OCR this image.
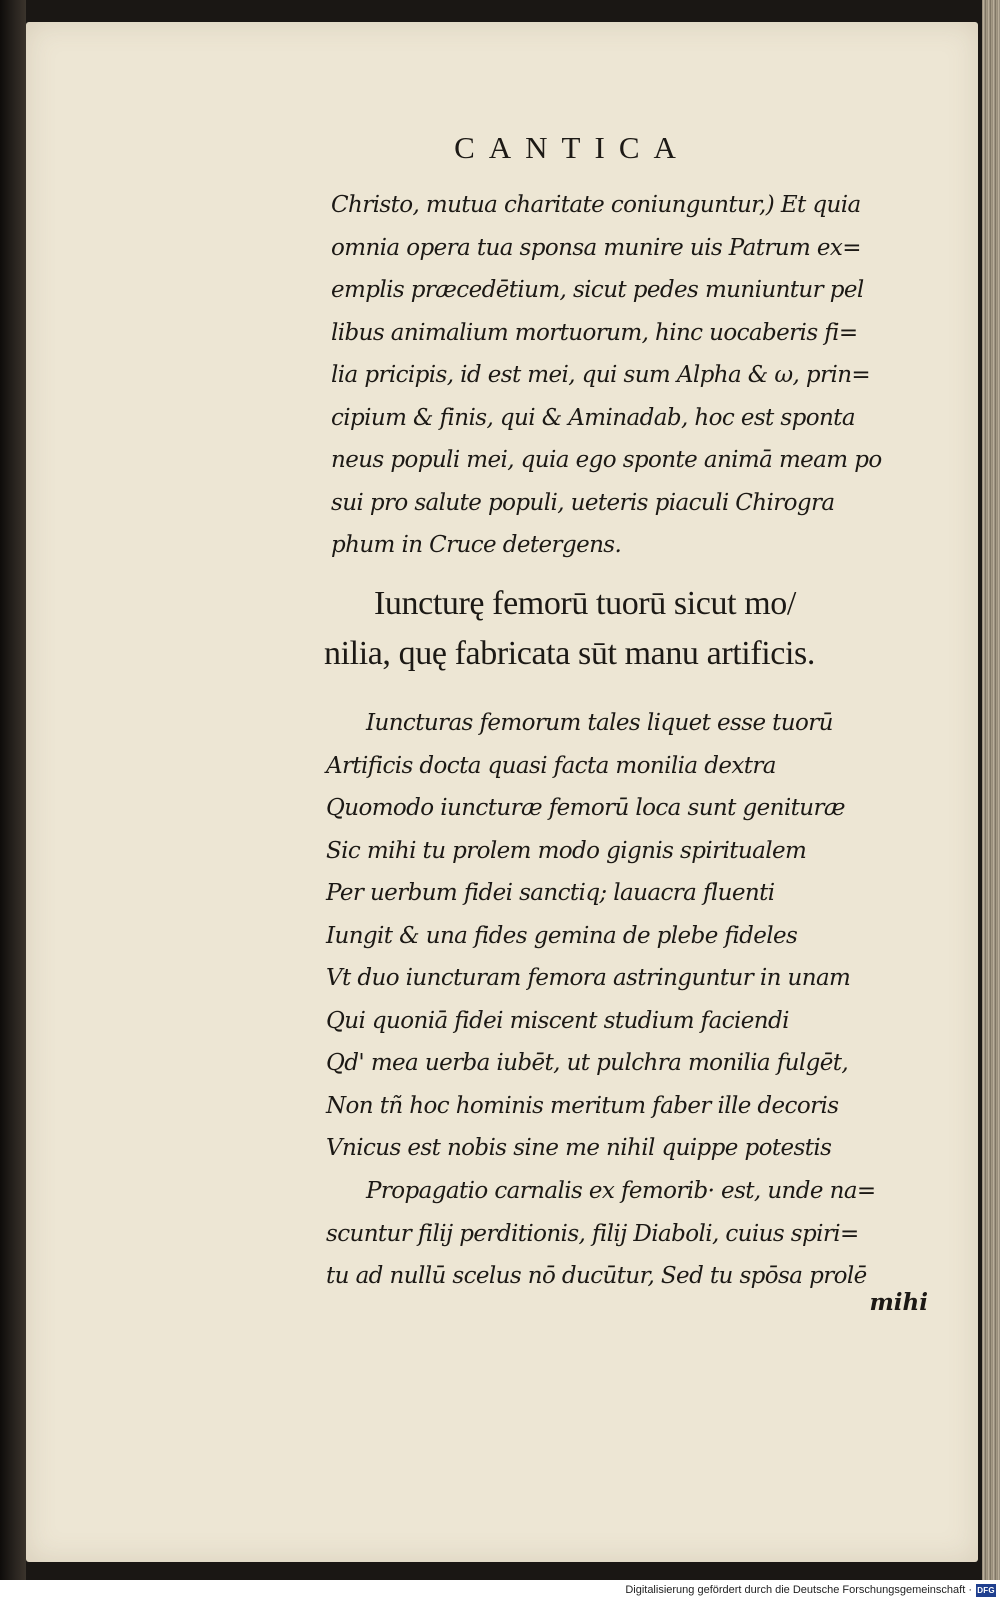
CANTICA
Christo, mutua charitate coniunguntur,) Et quia
omnia opera tua sponsa munire uis Patrum ex=
emplis præcedētium, sicut pedes muniuntur pel
libus animalium mortuorum, hinc uocaberis fi=
lia pricipis, id est mei, qui sum Alpha & ω, prin=
cipium & finis, qui & Aminadab, hoc est sponta
neus populi mei, quia ego sponte animā meam po
sui pro salute populi, ueteris piaculi Chirogra
phum in Cruce detergens.
Iuncturę femorū tuorū sicut mo/
nilia, quę fabricata sūt manu artificis.
Iuncturas femorum tales liquet esse tuorū
Artificis docta quasi facta monilia dextra
Quomodo iuncturæ femorū loca sunt genituræ
Sic mihi tu prolem modo gignis spiritualem
Per uerbum fidei sanctiq; lauacra fluenti
Iungit & una fides gemina de plebe fideles
Vt duo iuncturam femora astringuntur in unam
Qui quoniā fidei miscent studium faciendi
Qd' mea uerba iubēt, ut pulchra monilia fulgēt,
Non tñ hoc hominis meritum faber ille decoris
Vnicus est nobis sine me nihil quippe potestis
Propagatio carnalis ex femorib· est, unde na=
scuntur filij perditionis, filij Diaboli, cuius spiri=
tu ad nullū scelus nō ducūtur, Sed tu spōsa prolē
mihi
Digitalisierung gefördert durch die Deutsche Forschungsgemeinschaft · DFG
